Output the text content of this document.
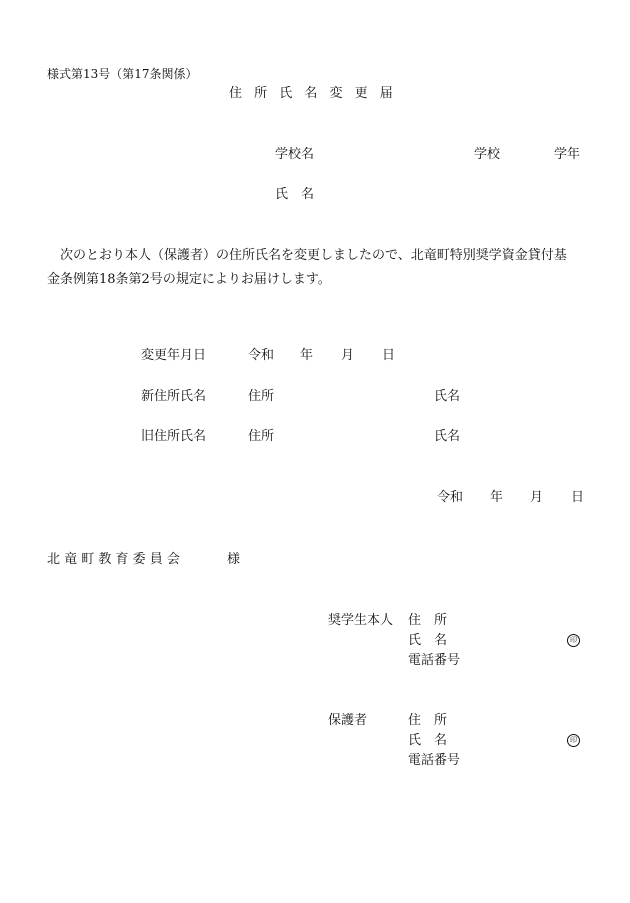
様式第13号（第17条関係）
住 所 氏 名 変 更 届
学校名	学校	学年
氏　名
　次のとおり本人（保護者）の住所氏名を変更しましたので、北竜町特別奨学資金貸付基
金条例第18条第2号の規定によりお届けします。
変更年月日	令和 年 月 日
新住所氏名	住所	氏名
旧住所氏名	住所	氏名
令和 年 月 日
北 竜 町 教 育 委 員 会	様
奨学生本人 住　所
氏　名	印
電話番号
保護者	住　所
氏　名	印
電話番号
